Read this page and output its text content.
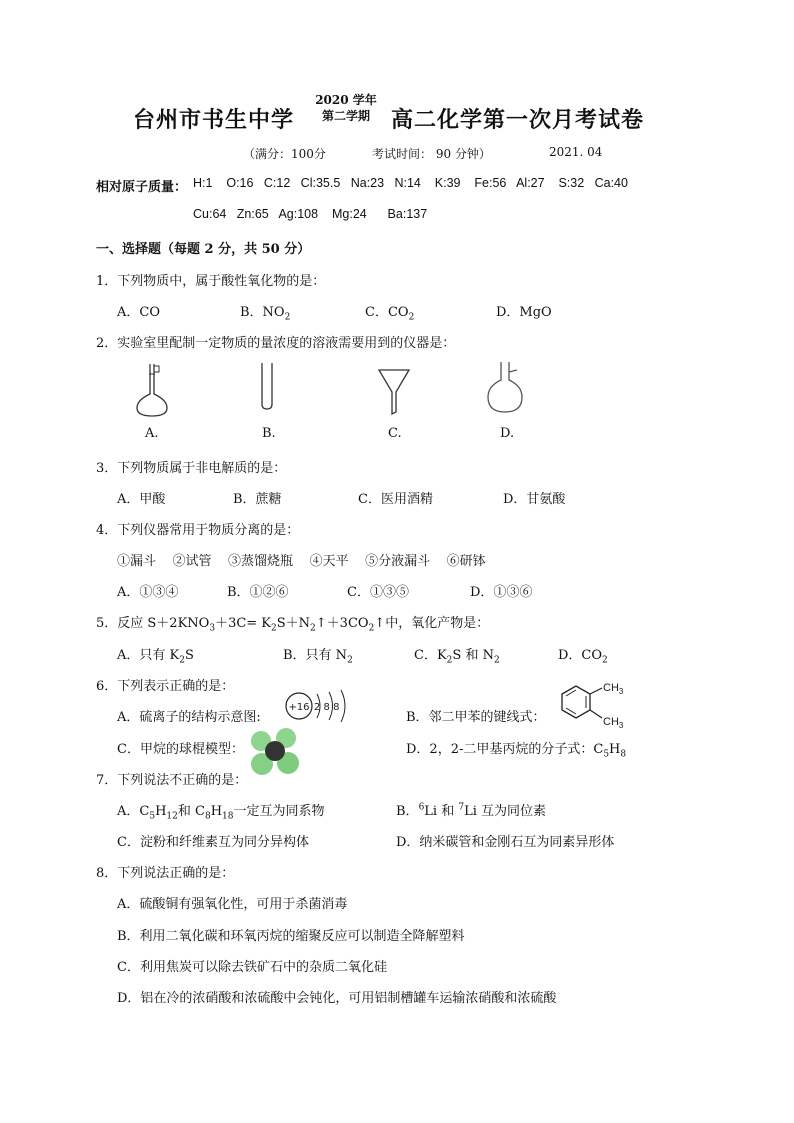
台州市书生中学
2020 学年
第二学期 高二化学第一次月考试卷
（满分：100分	考试时间： 90 分钟）	2021. 04
相对原子质量： H:1    O:16   C:12   Cl:35.5   Na:23   N:14    K:39    Fe:56   Al:27    S:32   Ca:40
Cu:64   Zn:65   Ag:108    Mg:24      Ba:137
一、选择题（每题 2 分，共 50 分）
1．下列物质中，属于酸性氧化物的是：
A．CO	B．$NO_2$	C．$CO_2$	D．MgO
2．实验室里配制一定物质的量浓度的溶液需要用到的仪器是：
A.	B.	C.	D.
3．下列物质属于非电解质的是：
A．甲酸	B．蔗糖	C．医用酒精	D．甘氨酸
4．下列仪器常用于物质分离的是：
①漏斗    ②试管    ③蒸馏烧瓶    ④天平    ⑤分液漏斗    ⑥研钵
A．①③④	B．①②⑥	C．①③⑤	D．①③⑥
5．反应 $S+2KNO_3+3C=$ $K_2S+N_2↑+3CO_2↑$中，氧化产物是：
A．只有 $K_2S$	B．只有 $N_2$	C．$K_2S$ 和 $N_2$	D．$CO_2$
6．下列表示正确的是：
A．硫离子的结构示意图:
+16 2 8 8
B．邻二甲苯的键线式：
$CH_3$
$CH_3$
C．甲烷的球棍模型：	D．2，2-二甲基丙烷的分子式：$C_5H_8$
7．下列说法不正确的是：
A．$C_5H_{12}$和 $C_8H_{18}$一定互为同系物	B．$^6$Li 和 $^7$Li 互为同位素
C．淀粉和纤维素互为同分异构体	D．纳米碳管和金刚石互为同素异形体
8．下列说法正确的是：
A．硫酸铜有强氧化性，可用于杀菌消毒
B．利用二氧化碳和环氧丙烷的缩聚反应可以制造全降解塑料
C．利用焦炭可以除去铁矿石中的杂质二氧化硅
D．铝在冷的浓硝酸和浓硫酸中会钝化，可用铝制槽罐车运输浓硝酸和浓硫酸
